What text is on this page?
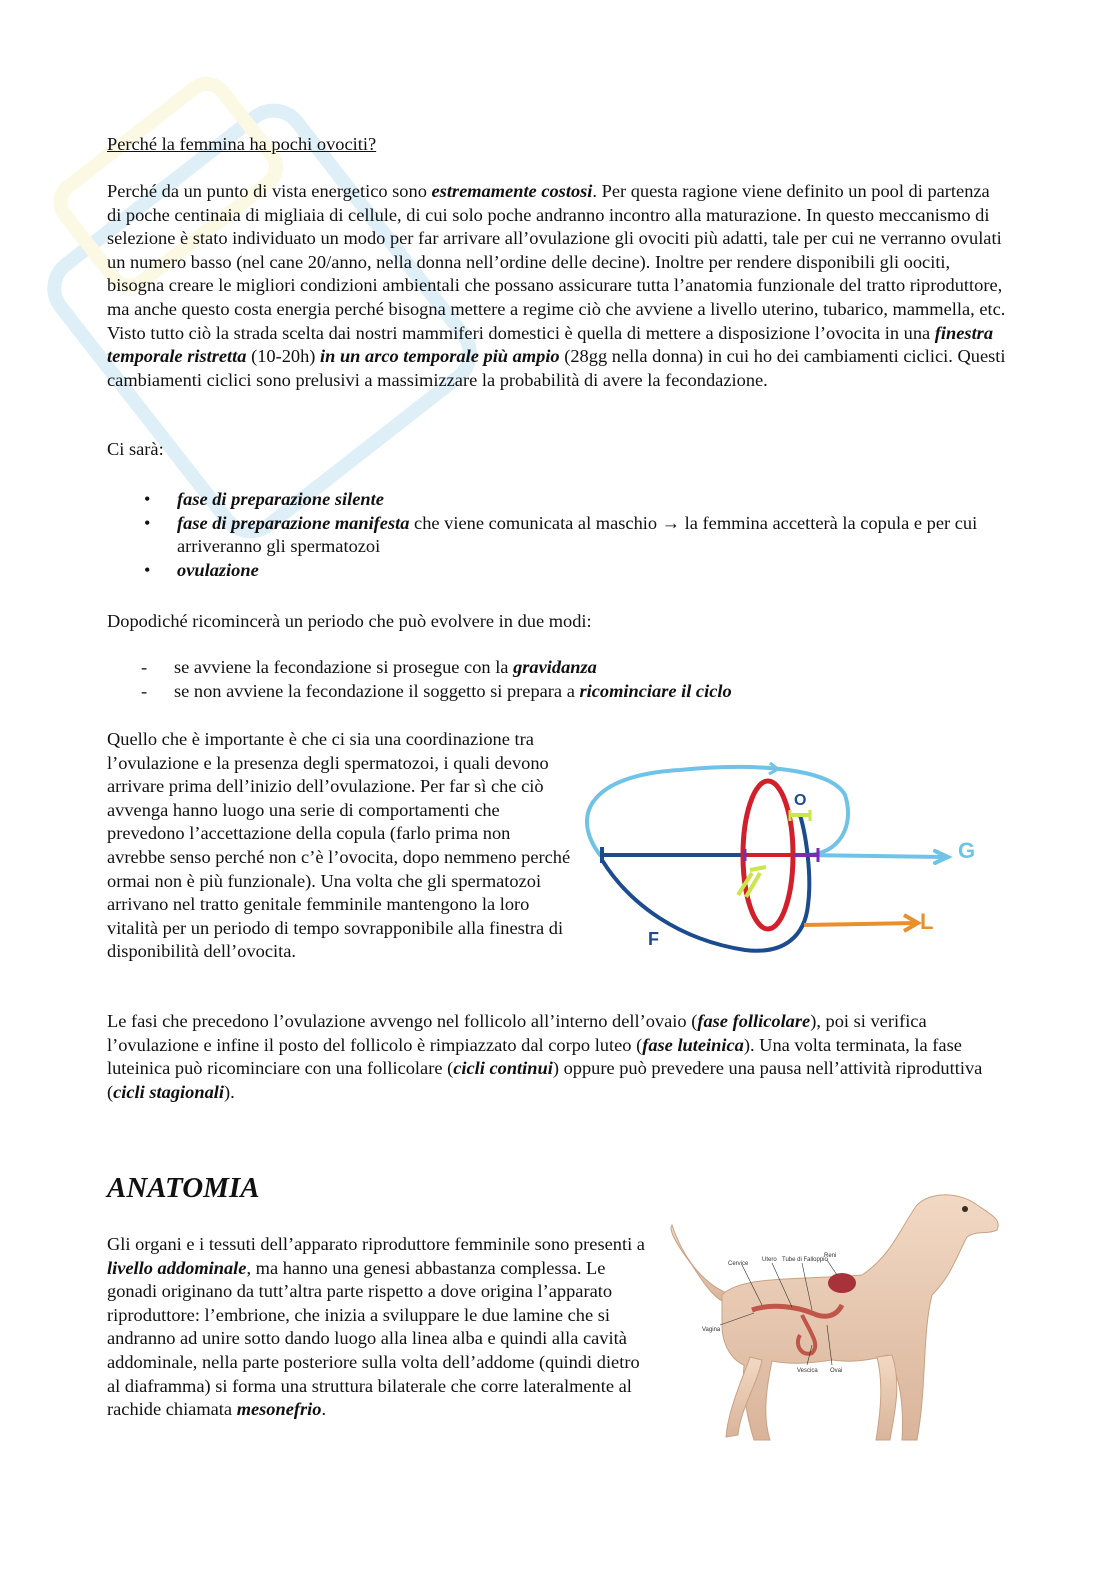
Perché la femmina ha pochi ovociti?

Perché da un punto di vista energetico sono estremamente costosi. Per questa ragione viene definito un pool di partenza di poche centinaia di migliaia di cellule, di cui solo poche andranno incontro alla maturazione. In questo meccanismo di selezione è stato individuato un modo per far arrivare all’ovulazione gli ovociti più adatti, tale per cui ne verranno ovulati un numero basso (nel cane 20/anno, nella donna nell’ordine delle decine). Inoltre per rendere disponibili gli oociti, bisogna creare le migliori condizioni ambientali che possano assicurare tutta l’anatomia funzionale del tratto riproduttore, ma anche questo costa energia perché bisogna mettere a regime ciò che avviene a livello uterino, tubarico, mammella, etc. Visto tutto ciò la strada scelta dai nostri mammiferi domestici è quella di mettere a disposizione l’ovocita in una finestra temporale ristretta (10-20h) in un arco temporale più ampio (28gg nella donna) in cui ho dei cambiamenti ciclici. Questi cambiamenti ciclici sono prelusivi a massimizzare la probabilità di avere la fecondazione.

Ci sarà:

• fase di preparazione silente
• fase di preparazione manifesta che viene comunicata al maschio → la femmina accetterà la copula e per cui arriveranno gli spermatozoi
• ovulazione

Dopodiché ricomincerà un periodo che può evolvere in due modi:

- se avviene la fecondazione si prosegue con la gravidanza
- se non avviene la fecondazione il soggetto si prepara a ricominciare il ciclo

Quello che è importante è che ci sia una coordinazione tra l’ovulazione e la presenza degli spermatozoi, i quali devono arrivare prima dell’inizio dell’ovulazione. Per far sì che ciò avvenga hanno luogo una serie di comportamenti che prevedono l’accettazione della copula (farlo prima non avrebbe senso perché non c’è l’ovocita, dopo nemmeno perché ormai non è più funzionale). Una volta che gli spermatozoi arrivano nel tratto genitale femminile mantengono la loro vitalità per un periodo di tempo sovrapponibile alla finestra di disponibilità dell’ovocita.

O
G
L
F

Le fasi che precedono l’ovulazione avvengo nel follicolo all’interno dell’ovaio (fase follicolare), poi si verifica l’ovulazione e infine il posto del follicolo è rimpiazzato dal corpo luteo (fase luteinica). Una volta terminata, la fase luteinica può ricominciare con una follicolare (cicli continui) oppure può prevedere una pausa nell’attività riproduttiva (cicli stagionali).

ANATOMIA

Gli organi e i tessuti dell’apparato riproduttore femminile sono presenti a livello addominale, ma hanno una genesi abbastanza complessa. Le gonadi originano da tutt’altra parte rispetto a dove origina l’apparato riproduttore: l’embrione, che inizia a sviluppare le due lamine che si andranno ad unire sotto dando luogo alla linea alba e quindi alla cavità addominale, nella parte posteriore sulla volta dell’addome (quindi dietro al diaframma) si forma una struttura bilaterale che corre lateralmente al rachide chiamata mesonefrio.

Cervice
Utero Tube di Falloppio
Reni
Vagina
Vescica Ovai
